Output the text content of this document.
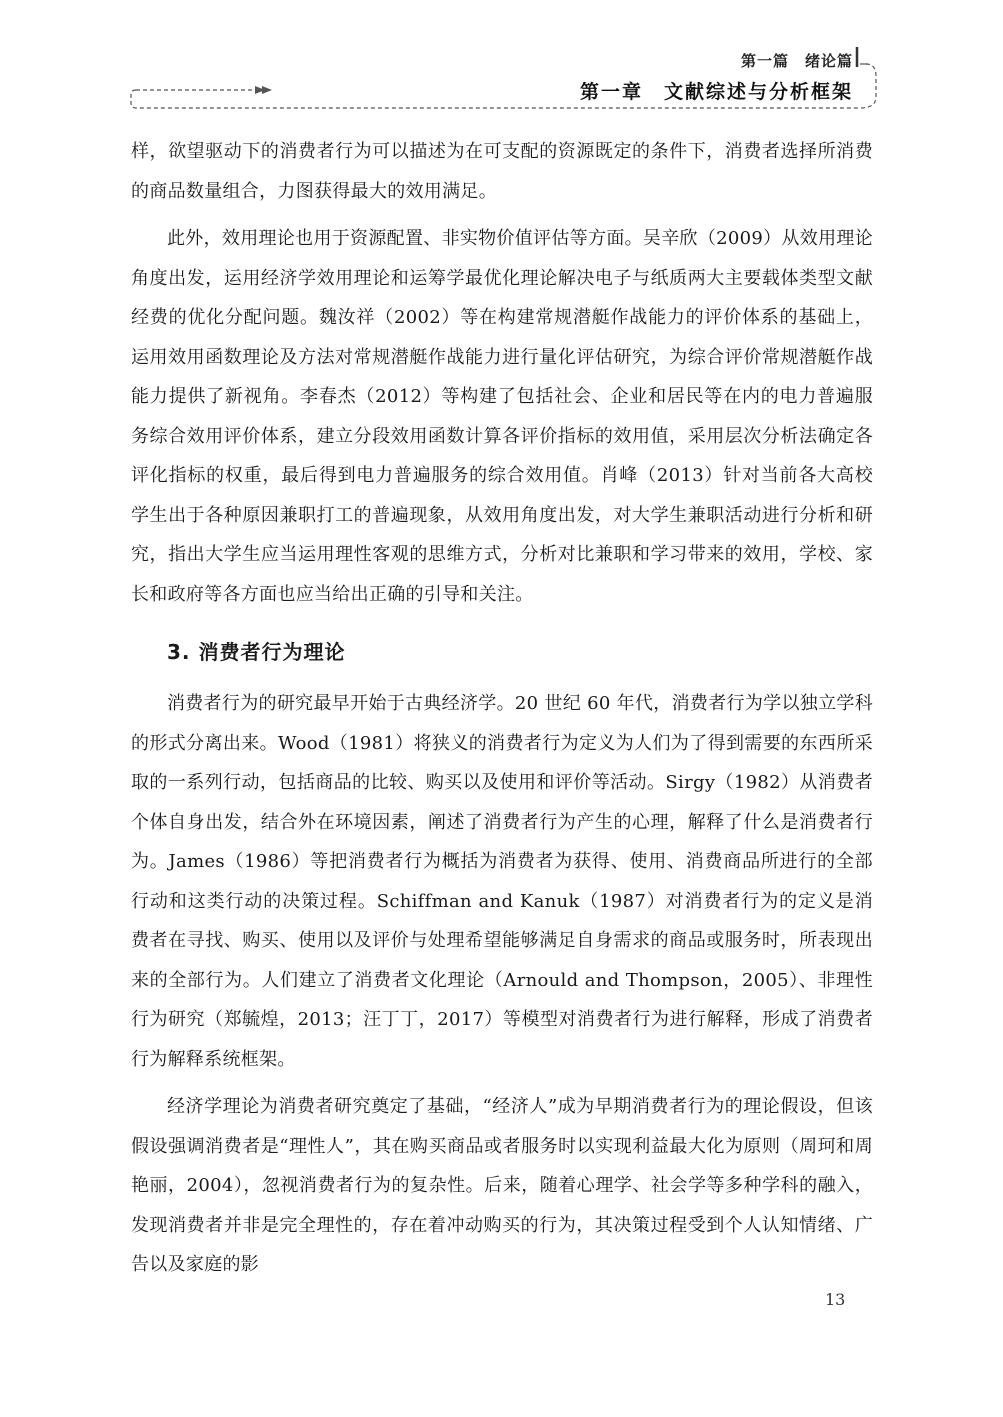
第一篇　绪论篇
第一章　文献综述与分析框架

样，欲望驱动下的消费者行为可以描述为在可支配的资源既定的条件下，消费者选择所消费的商品数量组合，力图获得最大的效用满足。

此外，效用理论也用于资源配置、非实物价值评估等方面。吴辛欣（2009）从效用理论角度出发，运用经济学效用理论和运筹学最优化理论解决电子与纸质两大主要载体类型文献经费的优化分配问题。魏汝祥（2002）等在构建常规潜艇作战能力的评价体系的基础上，运用效用函数理论及方法对常规潜艇作战能力进行量化评估研究，为综合评价常规潜艇作战能力提供了新视角。李春杰（2012）等构建了包括社会、企业和居民等在内的电力普遍服务综合效用评价体系，建立分段效用函数计算各评价指标的效用值，采用层次分析法确定各评化指标的权重，最后得到电力普遍服务的综合效用值。肖峰（2013）针对当前各大高校学生出于各种原因兼职打工的普遍现象，从效用角度出发，对大学生兼职活动进行分析和研究，指出大学生应当运用理性客观的思维方式，分析对比兼职和学习带来的效用，学校、家长和政府等各方面也应当给出正确的引导和关注。

3. 消费者行为理论

消费者行为的研究最早开始于古典经济学。20 世纪 60 年代，消费者行为学以独立学科的形式分离出来。Wood（1981）将狭义的消费者行为定义为人们为了得到需要的东西所采取的一系列行动，包括商品的比较、购买以及使用和评价等活动。Sirgy（1982）从消费者个体自身出发，结合外在环境因素，阐述了消费者行为产生的心理，解释了什么是消费者行为。James（1986）等把消费者行为概括为消费者为获得、使用、消费商品所进行的全部行动和这类行动的决策过程。Schiffman and Kanuk（1987）对消费者行为的定义是消费者在寻找、购买、使用以及评价与处理希望能够满足自身需求的商品或服务时，所表现出来的全部行为。人们建立了消费者文化理论（Arnould and Thompson，2005）、非理性行为研究（郑毓煌，2013；汪丁丁，2017）等模型对消费者行为进行解释，形成了消费者行为解释系统框架。

经济学理论为消费者研究奠定了基础，“经济人”成为早期消费者行为的理论假设，但该假设强调消费者是“理性人”，其在购买商品或者服务时以实现利益最大化为原则（周珂和周艳丽，2004），忽视消费者行为的复杂性。后来，随着心理学、社会学等多种学科的融入，发现消费者并非是完全理性的，存在着冲动购买的行为，其决策过程受到个人认知情绪、广告以及家庭的影

13
